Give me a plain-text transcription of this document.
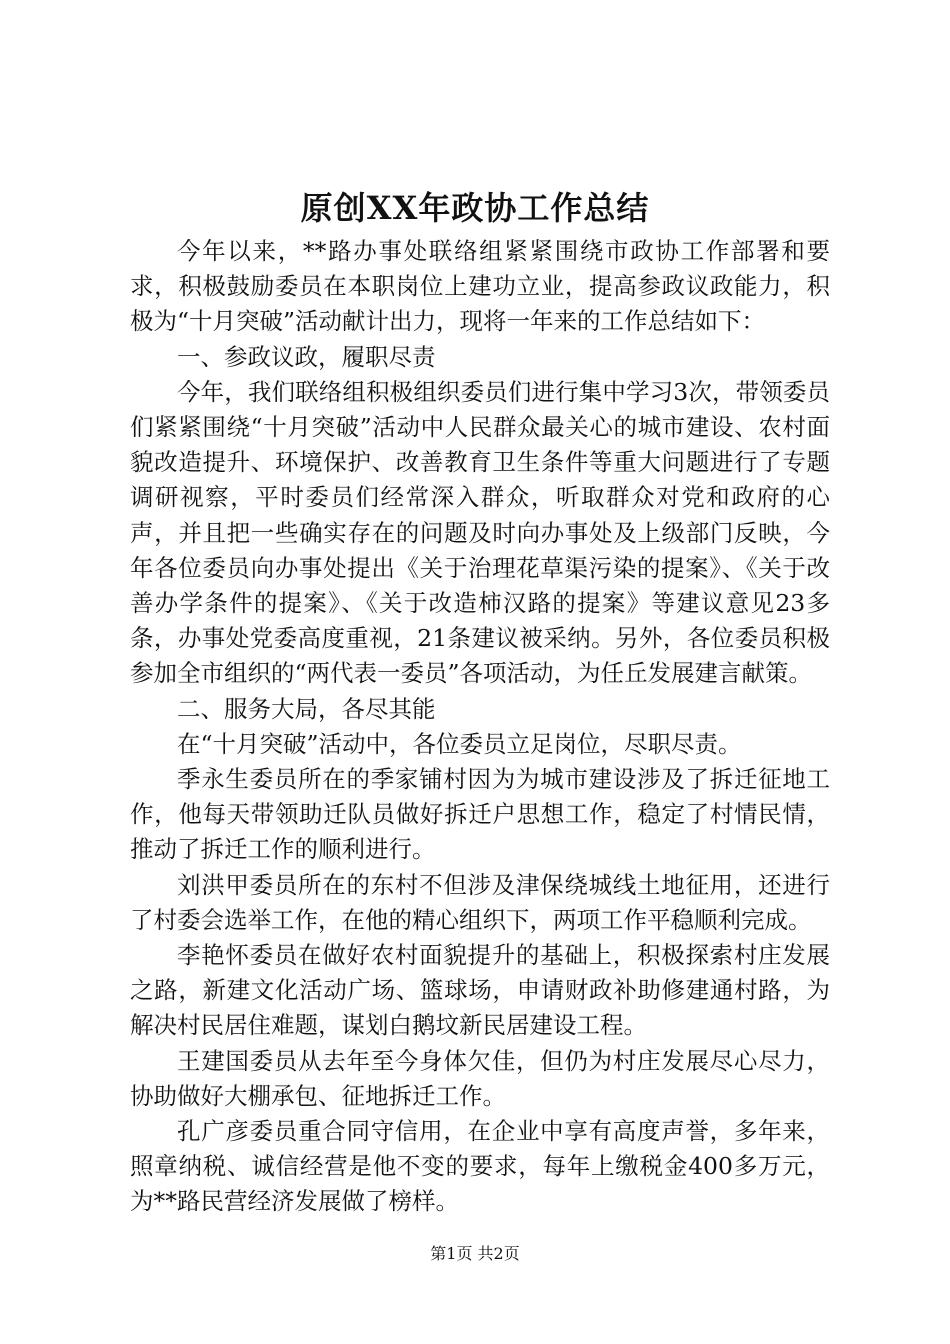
原创XX年政协工作总结

今年以来，**路办事处联络组紧紧围绕市政协工作部署和要求，积极鼓励委员在本职岗位上建功立业，提高参政议政能力，积极为“十月突破”活动献计出力，现将一年来的工作总结如下：

一、参政议政，履职尽责

今年，我们联络组积极组织委员们进行集中学习3次，带领委员们紧紧围绕“十月突破”活动中人民群众最关心的城市建设、农村面貌改造提升、环境保护、改善教育卫生条件等重大问题进行了专题调研视察，平时委员们经常深入群众，听取群众对党和政府的心声，并且把一些确实存在的问题及时向办事处及上级部门反映，今年各位委员向办事处提出《关于治理花草渠污染的提案》、《关于改善办学条件的提案》、《关于改造柿汉路的提案》等建议意见23多条，办事处党委高度重视，21条建议被采纳。另外，各位委员积极参加全市组织的“两代表一委员”各项活动，为任丘发展建言献策。

二、服务大局，各尽其能

在“十月突破”活动中，各位委员立足岗位，尽职尽责。

季永生委员所在的季家铺村因为为城市建设涉及了拆迁征地工作，他每天带领助迁队员做好拆迁户思想工作，稳定了村情民情，推动了拆迁工作的顺利进行。

刘洪甲委员所在的东村不但涉及津保绕城线土地征用，还进行了村委会选举工作，在他的精心组织下，两项工作平稳顺利完成。

李艳怀委员在做好农村面貌提升的基础上，积极探索村庄发展之路，新建文化活动广场、篮球场，申请财政补助修建通村路，为解决村民居住难题，谋划白鹅坟新民居建设工程。

王建国委员从去年至今身体欠佳，但仍为村庄发展尽心尽力，协助做好大棚承包、征地拆迁工作。

孔广彦委员重合同守信用，在企业中享有高度声誉，多年来，照章纳税、诚信经营是他不变的要求，每年上缴税金400多万元，为**路民营经济发展做了榜样。

第1页 共2页
